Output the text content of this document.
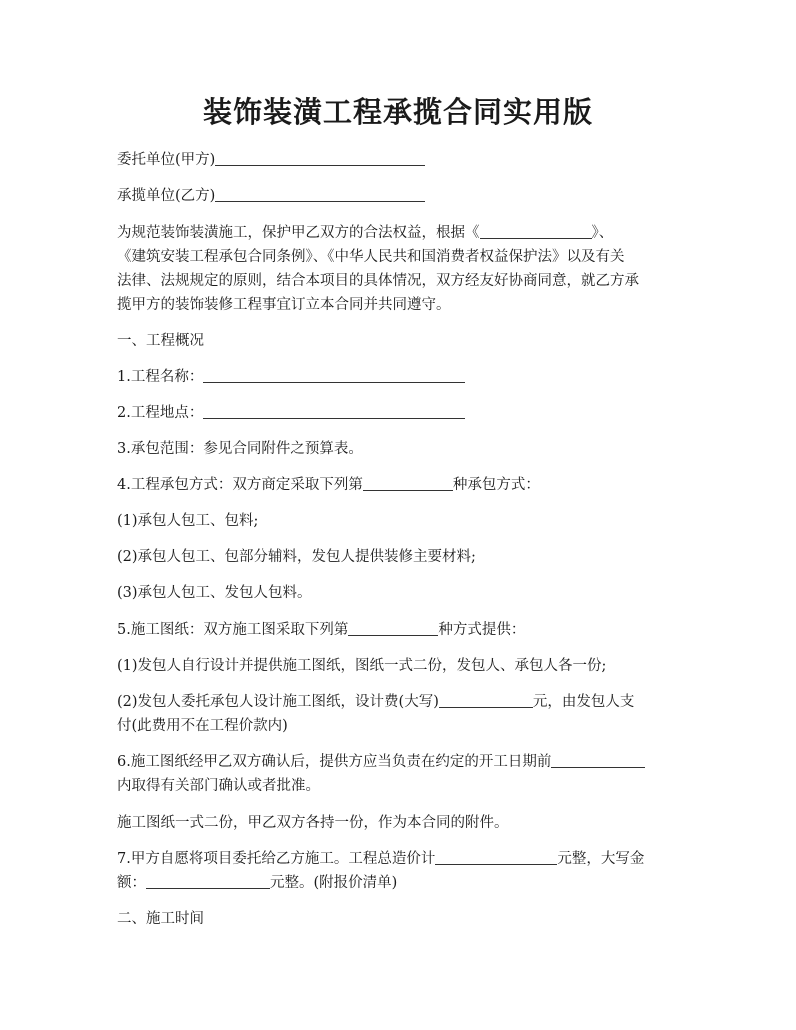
装饰装潢工程承揽合同实用版
委托单位(甲方)
承揽单位(乙方)
为规范装饰装潢施工，保护甲乙双方的合法权益，根据《	》、
《建筑安装工程承包合同条例》、《中华人民共和国消费者权益保护法》以及有关
法律、法规规定的原则，结合本项目的具体情况，双方经友好协商同意，就乙方承
揽甲方的装饰装修工程事宜订立本合同并共同遵守。
一、工程概况
1.工程名称：
2.工程地点：
3.承包范围：参见合同附件之预算表。
4.工程承包方式：双方商定采取下列第	种承包方式：
(1)承包人包工、包料;
(2)承包人包工、包部分辅料，发包人提供装修主要材料;
(3)承包人包工、发包人包料。
5.施工图纸：双方施工图采取下列第	种方式提供：
(1)发包人自行设计并提供施工图纸，图纸一式二份，发包人、承包人各一份;
(2)发包人委托承包人设计施工图纸，设计费(大写)	元，由发包人支
付(此费用不在工程价款内)
6.施工图纸经甲乙双方确认后，提供方应当负责在约定的开工日期前
内取得有关部门确认或者批准。
施工图纸一式二份，甲乙双方各持一份，作为本合同的附件。
7.甲方自愿将项目委托给乙方施工。工程总造价计	元整，大写金
额：	元整。(附报价清单)
二、施工时间
